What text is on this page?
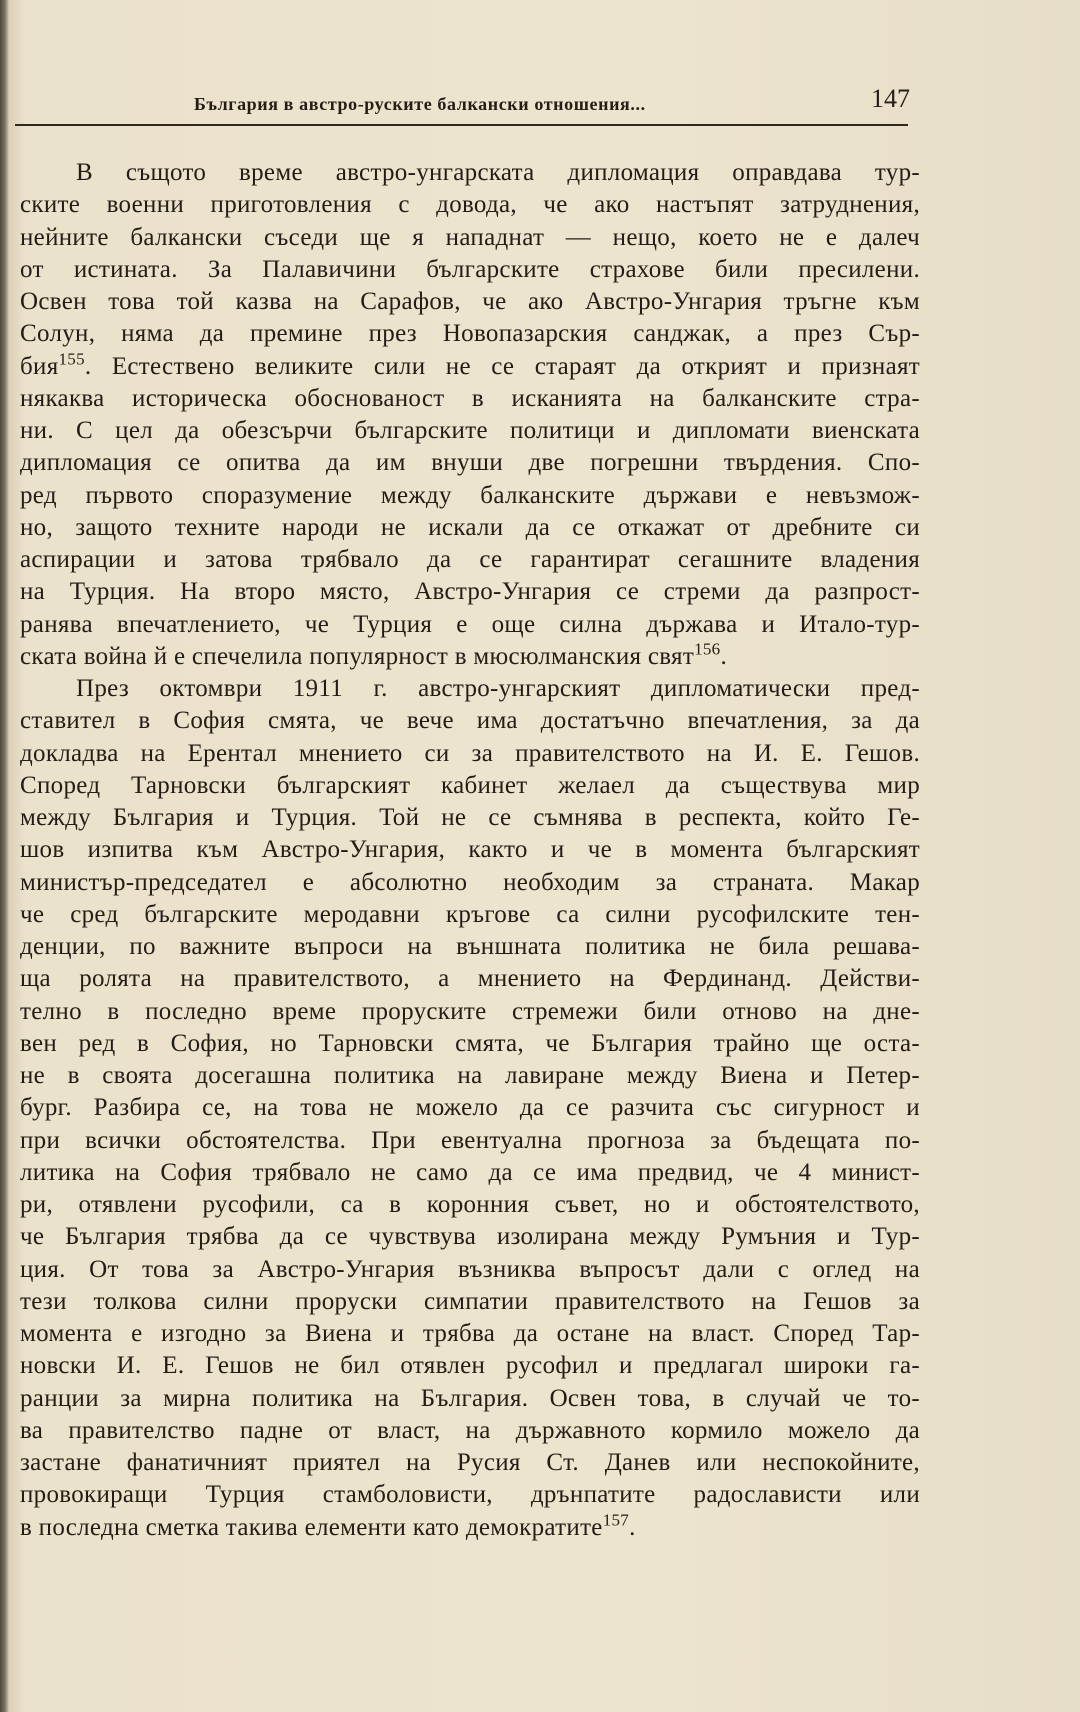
България в австро-руските балкански отношения...	147
В същото време австро-унгарската дипломация оправдава тур-
ските военни приготовления с довода, че ако настъпят затруднения,
нейните балкански съседи ще я нападнат — нещо, което не е далеч
от истината. За Палавичини българските страхове били пресилени.
Освен това той казва на Сарафов, че ако Австро-Унгария тръгне към
Солун, няма да премине през Новопазарския санджак, а през Сър-
бия$^{155}$. Естествено великите сили не се стараят да открият и признаят
някаква историческа обоснованост в исканията на балканските стра-
ни. С цел да обезсърчи българските политици и дипломати виенската
дипломация се опитва да им внуши две погрешни твърдения. Спо-
ред първото споразумение между балканските държави е невъзмож-
но, защото техните народи не искали да се откажат от дребните си
аспирации и затова трябвало да се гарантират сегашните владения
на Турция. На второ място, Австро-Унгария се стреми да разпрост-
ранява впечатлението, че Турция е още силна държава и Итало-тур-
ската война й е спечелила популярност в мюсюлманския свят$^{156}$.
През октомври 1911 г. австро-унгарският дипломатически пред-
ставител в София смята, че вече има достатъчно впечатления, за да
докладва на Ерентал мнението си за правителството на И. Е. Гешов.
Според Тарновски българският кабинет желаел да съществува мир
между България и Турция. Той не се съмнява в респекта, който Ге-
шов изпитва към Австро-Унгария, както и че в момента българският
министър-председател е абсолютно необходим за страната. Макар
че сред българските меродавни кръгове са силни русофилските тен-
денции, по важните въпроси на външната политика не била решава-
ща ролята на правителството, а мнението на Фердинанд. Действи-
телно в последно време проруските стремежи били отново на дне-
вен ред в София, но Тарновски смята, че България трайно ще оста-
не в своята досегашна политика на лавиране между Виена и Петер-
бург. Разбира се, на това не можело да се разчита със сигурност и
при всички обстоятелства. При евентуална прогноза за бъдещата по-
литика на София трябвало не само да се има предвид, че 4 минист-
ри, отявлени русофили, са в коронния съвет, но и обстоятелството,
че България трябва да се чувствува изолирана между Румъния и Тур-
ция. От това за Австро-Унгария възниква въпросът дали с оглед на
тези толкова силни проруски симпатии правителството на Гешов за
момента е изгодно за Виена и трябва да остане на власт. Според Тар-
новски И. Е. Гешов не бил отявлен русофил и предлагал широки га-
ранции за мирна политика на България. Освен това, в случай че то-
ва правителство падне от власт, на държавното кормило можело да
застане фанатичният приятел на Русия Ст. Данев или неспокойните,
провокиращи Турция стамболовисти, дрънпатите радослависти или
в последна сметка такива елементи като демократите$^{157}$.
